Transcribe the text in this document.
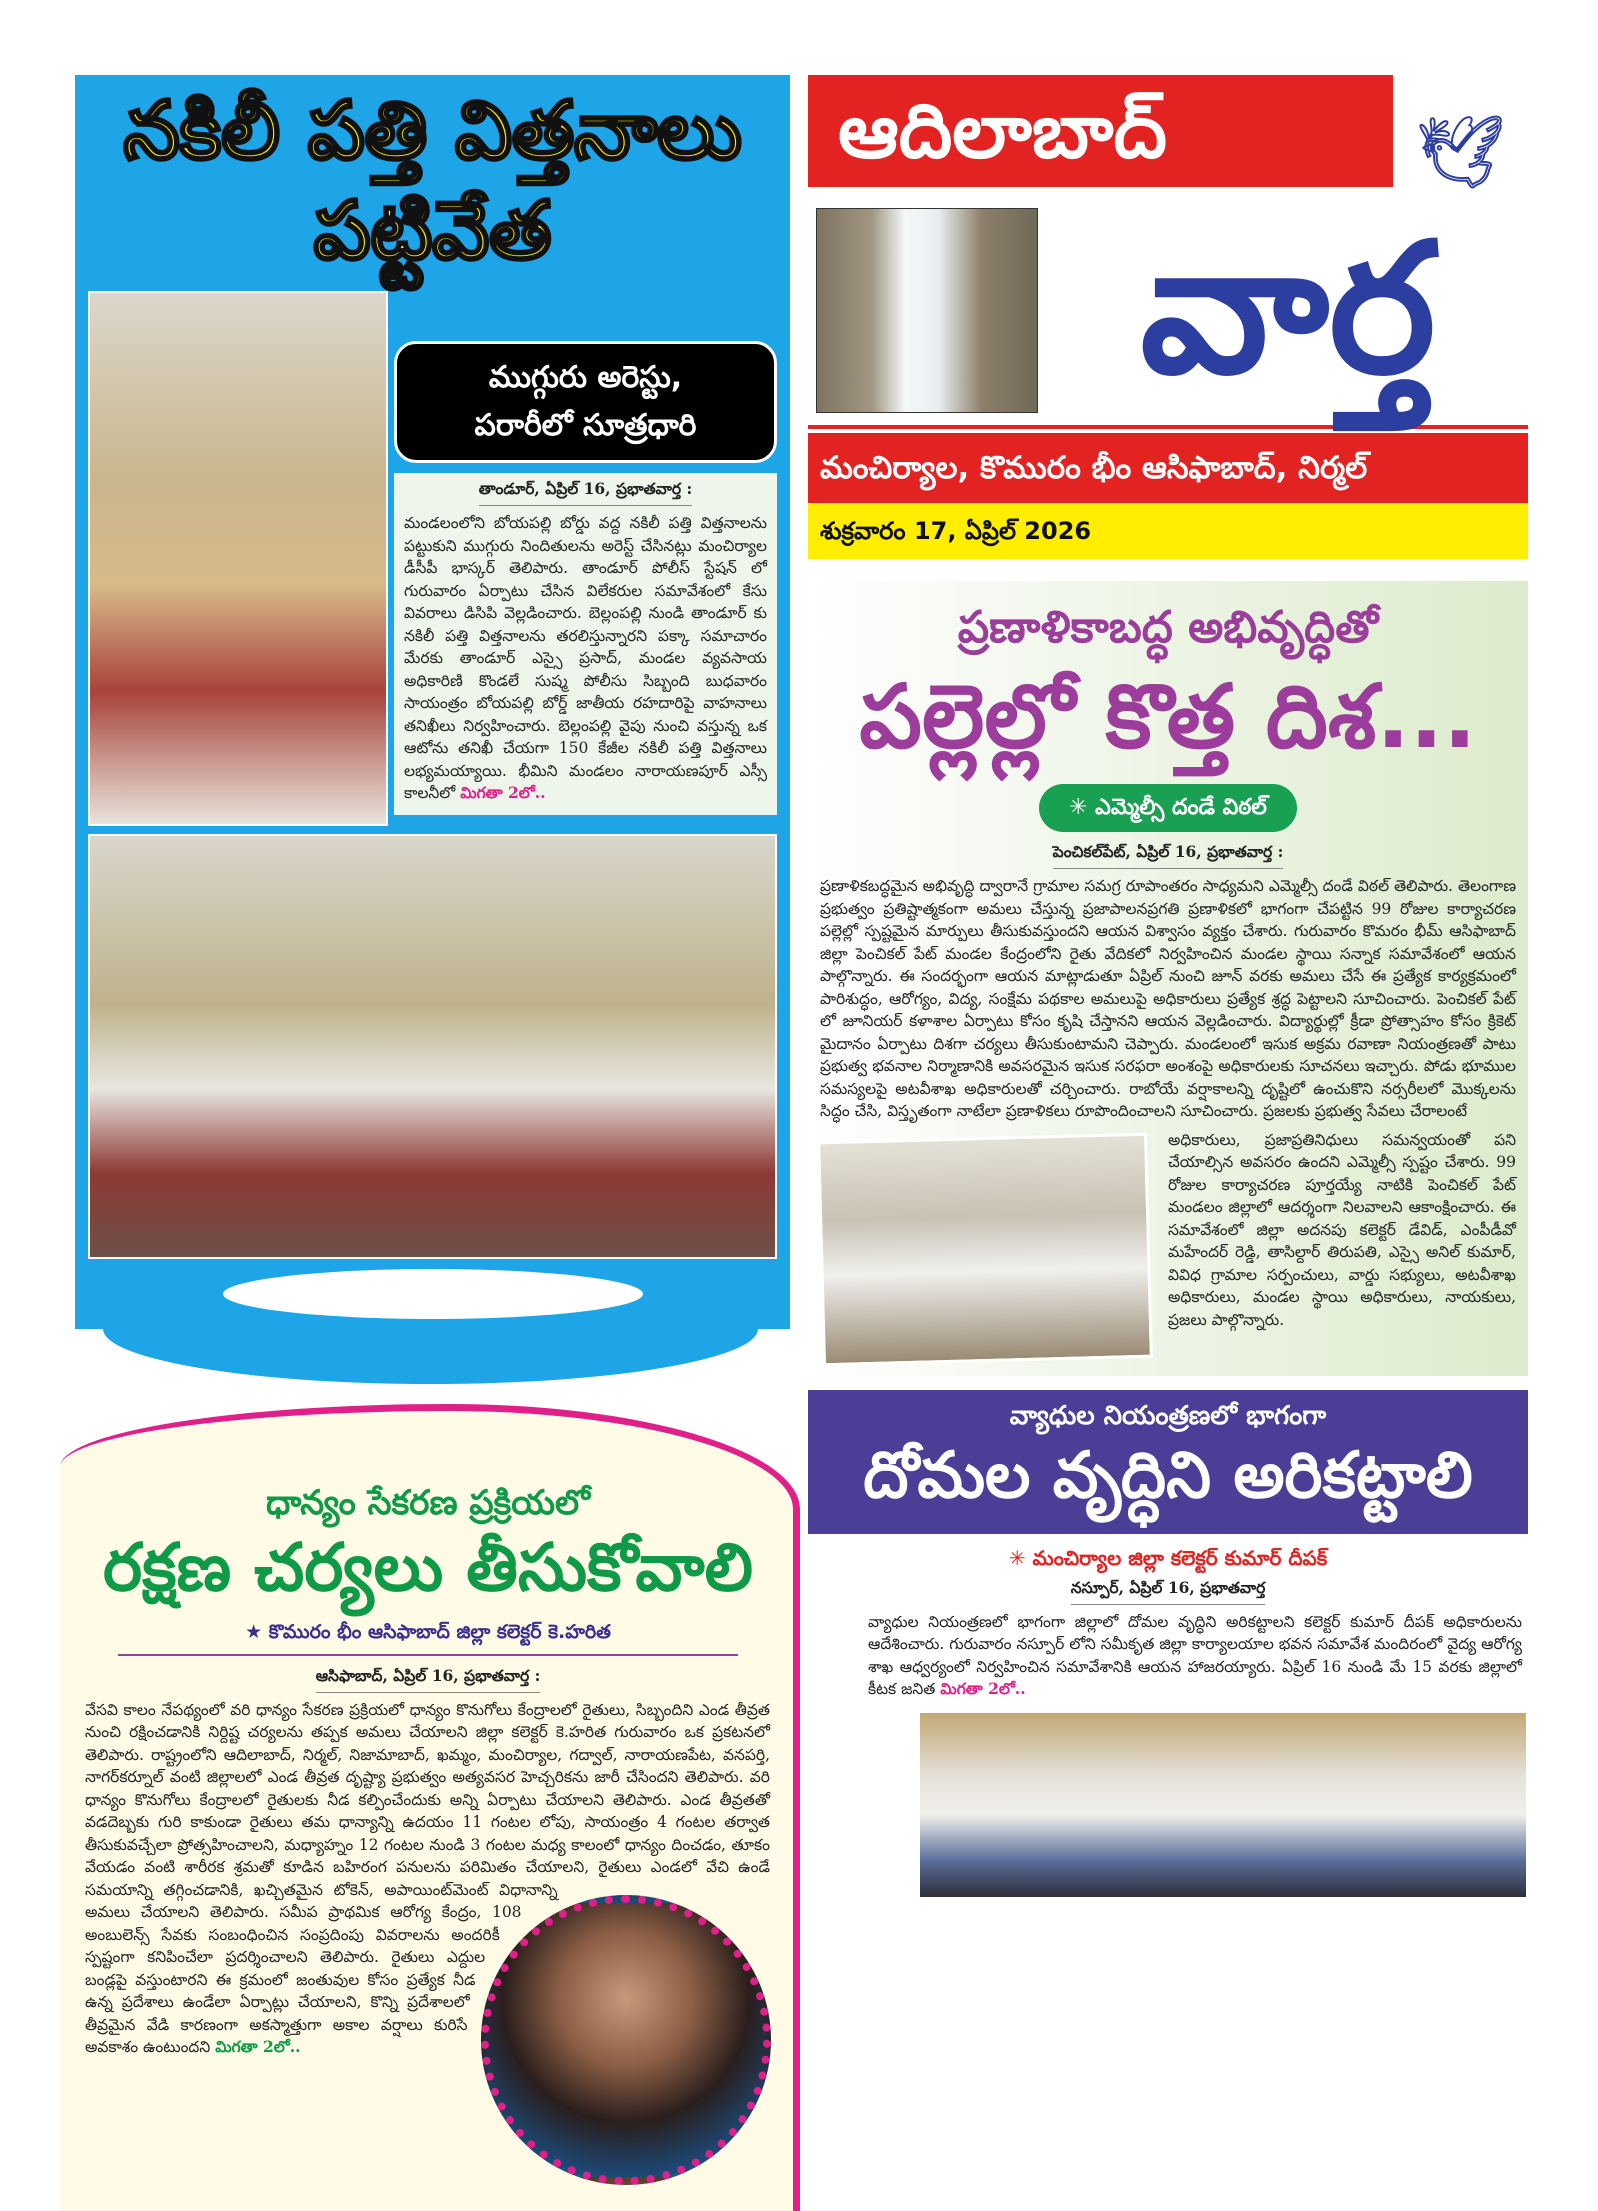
నకిలీ పత్తి విత్తనాలు పట్టివేత
ముగ్గురు అరెస్టు,
పరారీలో సూత్రధారి
తాండూర్, ఏప్రిల్ 16, ప్రభాతవార్త :

మండలంలోని బోయపల్లి బోర్డు వద్ద నకిలీ పత్తి విత్తనాలను పట్టుకుని ముగ్గురు నిందితులను అరెస్ట్ చేసినట్లు మంచిర్యాల డీసీపీ భాస్కర్ తెలిపారు. తాండూర్ పోలీస్ స్టేషన్ లో గురువారం ఏర్పాటు చేసిన విలేకరుల సమావేశంలో కేసు వివరాలు డిసిపి వెల్లడించారు. బెల్లంపల్లి నుండి తాండూర్ కు నకిలీ పత్తి విత్తనాలను తరలిస్తున్నారని పక్కా సమాచారం మేరకు తాండూర్ ఎస్సై ప్రసాద్, మండల వ్యవసాయ అధికారిణి కొండలే సుష్మ పోలీసు సిబ్బంది బుధవారం సాయంత్రం బోయపల్లి బోర్డ్ జాతీయ రహదారిపై వాహనాలు తనిఖీలు నిర్వహించారు. బెల్లంపల్లి వైపు నుంచి వస్తున్న ఒక ఆటోను తనిఖీ చేయగా 150 కేజీల నకిలీ పత్తి విత్తనాలు లభ్యమయ్యాయి. భీమిని మండలం నారాయణపూర్ ఎస్సీ కాలనీలో మిగతా 2లో..

ధాన్యం సేకరణ ప్రక్రియలో
రక్షణ చర్యలు తీసుకోవాలి
★ కొమురం భీం ఆసిఫాబాద్ జిల్లా కలెక్టర్ కె.హరిత
ఆసిఫాబాద్, ఏప్రిల్ 16, ప్రభాతవార్త :
వేసవి కాలం నేపథ్యంలో వరి ధాన్యం సేకరణ ప్రక్రియలో ధాన్యం కొనుగోలు కేంద్రాలలో రైతులు, సిబ్బందిని ఎండ తీవ్రత నుంచి రక్షించడానికి నిర్దిష్ట చర్యలను తప్పక అమలు చేయాలని జిల్లా కలెక్టర్ కె.హరిత గురువారం ఒక ప్రకటనలో తెలిపారు. రాష్ట్రంలోని ఆదిలాబాద్, నిర్మల్, నిజామాబాద్, ఖమ్మం, మంచిర్యాల, గద్వాల్, నారాయణపేట, వనపర్తి, నాగర్‌కర్నూల్ వంటి జిల్లాలలో ఎండ తీవ్రత దృష్ట్యా ప్రభుత్వం అత్యవసర హెచ్చరికను జారీ చేసిందని తెలిపారు. వరి ధాన్యం కొనుగోలు కేంద్రాలలో రైతులకు నీడ కల్పించేందుకు అన్ని ఏర్పాటు చేయాలని తెలిపారు. ఎండ తీవ్రతతో వడదెబ్బకు గురి కాకుండా రైతులు తమ ధాన్యాన్ని ఉదయం 11 గంటల లోపు, సాయంత్రం 4 గంటల తర్వాత తీసుకువచ్చేలా ప్రోత్సహించాలని, మధ్యాహ్నం 12 గంటల నుండి 3 గంటల మధ్య కాలంలో ధాన్యం దించడం, తూకం వేయడం వంటి శారీరక శ్రమతో కూడిన బహిరంగ పనులను పరిమితం చేయాలని, రైతులు ఎండలో వేచి ఉండే సమయాన్ని తగ్గించడానికి, ఖచ్చితమైన టోకెన్, అపాయింట్‌మెంట్ విధానాన్ని అమలు చేయాలని తెలిపారు. సమీప ప్రాథమిక ఆరోగ్య కేంద్రం, 108 అంబులెన్స్ సేవకు సంబంధించిన సంప్రదింపు వివరాలను అందరికీ స్పష్టంగా కనిపించేలా ప్రదర్శించాలని తెలిపారు. రైతులు ఎద్దుల బండ్లపై వస్తుంటారని ఈ క్రమంలో జంతువుల కోసం ప్రత్యేక నీడ ఉన్న ప్రదేశాలు ఉండేలా ఏర్పాట్లు చేయాలని, కొన్ని ప్రదేశాలలో తీవ్రమైన వేడి కారణంగా అకస్మాత్తుగా అకాల వర్షాలు కురిసే అవకాశం ఉంటుందని మిగతా 2లో..
ఆదిలాబాద్	🕊
వార్త
మంచిర్యాల, కొమురం భీం ఆసిఫాబాద్, నిర్మల్
శుక్రవారం 17, ఏప్రిల్ 2026
ప్రణాళికాబద్ధ అభివృద్ధితో
పల్లెల్లో కొత్త దిశ...
✳ ఎమ్మెల్సీ దండే విఠల్
పెంచికల్‌పేట్, ఏప్రిల్ 16, ప్రభాతవార్త :

ప్రణాళికబద్ధమైన అభివృద్ధి ద్వారానే గ్రామాల సమగ్ర రూపాంతరం సాధ్యమని ఎమ్మెల్సీ దండే విఠల్ తెలిపారు. తెలంగాణ ప్రభుత్వం ప్రతిష్టాత్మకంగా అమలు చేస్తున్న ప్రజాపాలనప్రగతి ప్రణాళికలో భాగంగా చేపట్టిన 99 రోజుల కార్యాచరణ పల్లెల్లో స్పష్టమైన మార్పులు తీసుకువస్తుందని ఆయన విశ్వాసం వ్యక్తం చేశారు. గురువారం కొమరం భీమ్ ఆసిఫాబాద్ జిల్లా పెంచికల్ పేట్ మండల కేంద్రంలోని రైతు వేదికలో నిర్వహించిన మండల స్థాయి సన్నాక సమావేశంలో ఆయన పాల్గొన్నారు. ఈ సందర్భంగా ఆయన మాట్లాడుతూ ఏప్రిల్ నుంచి జూన్ వరకు అమలు చేసే ఈ ప్రత్యేక కార్యక్రమంలో పారిశుద్ధం, ఆరోగ్యం, విద్య, సంక్షేమ పథకాల అమలుపై అధికారులు ప్రత్యేక శ్రద్ధ పెట్టాలని సూచించారు. పెంచికల్ పేట్ లో జూనియర్ కళాశాల ఏర్పాటు కోసం కృషి చేస్తానని ఆయన వెల్లడించారు. విద్యార్థుల్లో క్రీడా ప్రోత్సాహం కోసం క్రికెట్ మైదానం ఏర్పాటు దిశగా చర్యలు తీసుకుంటామని చెప్పారు. మండలంలో ఇసుక అక్రమ రవాణా నియంత్రణతో పాటు ప్రభుత్వ భవనాల నిర్మాణానికి అవసరమైన ఇసుక సరఫరా అంశంపై అధికారులకు సూచనలు ఇచ్చారు. పోడు భూముల సమస్యలపై అటవీశాఖ అధికారులతో చర్చించారు. రాబోయే వర్షాకాలన్ని దృష్టిలో ఉంచుకొని నర్సరీలలో మొక్కలను సిద్ధం చేసి, విస్తృతంగా నాటేలా ప్రణాళికలు రూపొందించాలని సూచించారు. ప్రజలకు ప్రభుత్వ సేవలు చేరాలంటే

అధికారులు, ప్రజాప్రతినిధులు సమన్వయంతో పని చేయాల్సిన అవసరం ఉందని ఎమ్మెల్సీ స్పష్టం చేశారు. 99 రోజుల కార్యాచరణ పూర్తయ్యే నాటికి పెంచికల్ పేట్ మండలం జిల్లాలో ఆదర్శంగా నిలవాలని ఆకాంక్షించారు. ఈ సమావేశంలో జిల్లా అదనపు కలెక్టర్ డేవిడ్, ఎంపీడీవో మహేందర్ రెడ్డి, తాసిల్దార్ తిరుపతి, ఎస్సై అనిల్ కుమార్, వివిధ గ్రామాల సర్పంచులు, వార్డు సభ్యులు, అటవీశాఖ అధికారులు, మండల స్థాయి అధికారులు, నాయకులు, ప్రజలు పాల్గొన్నారు.

వ్యాధుల నియంత్రణలో భాగంగా
దోమల వృద్ధిని అరికట్టాలి
✳ మంచిర్యాల జిల్లా కలెక్టర్ కుమార్ దీపక్
నస్పూర్, ఏప్రిల్ 16, ప్రభాతవార్త

వ్యాధుల నియంత్రణలో భాగంగా జిల్లాలో దోమల వృద్ధిని అరికట్టాలని కలెక్టర్ కుమార్ దీపక్ అధికారులను ఆదేశించారు. గురువారం నస్పూర్ లోని సమీకృత జిల్లా కార్యాలయాల భవన సమావేశ మందిరంలో వైద్య ఆరోగ్య శాఖ ఆధ్వర్యంలో నిర్వహించిన సమావేశానికి ఆయన హాజరయ్యారు. ఏప్రిల్ 16 నుండి మే 15 వరకు జిల్లాలో కీటక జనిత మిగతా 2లో..
